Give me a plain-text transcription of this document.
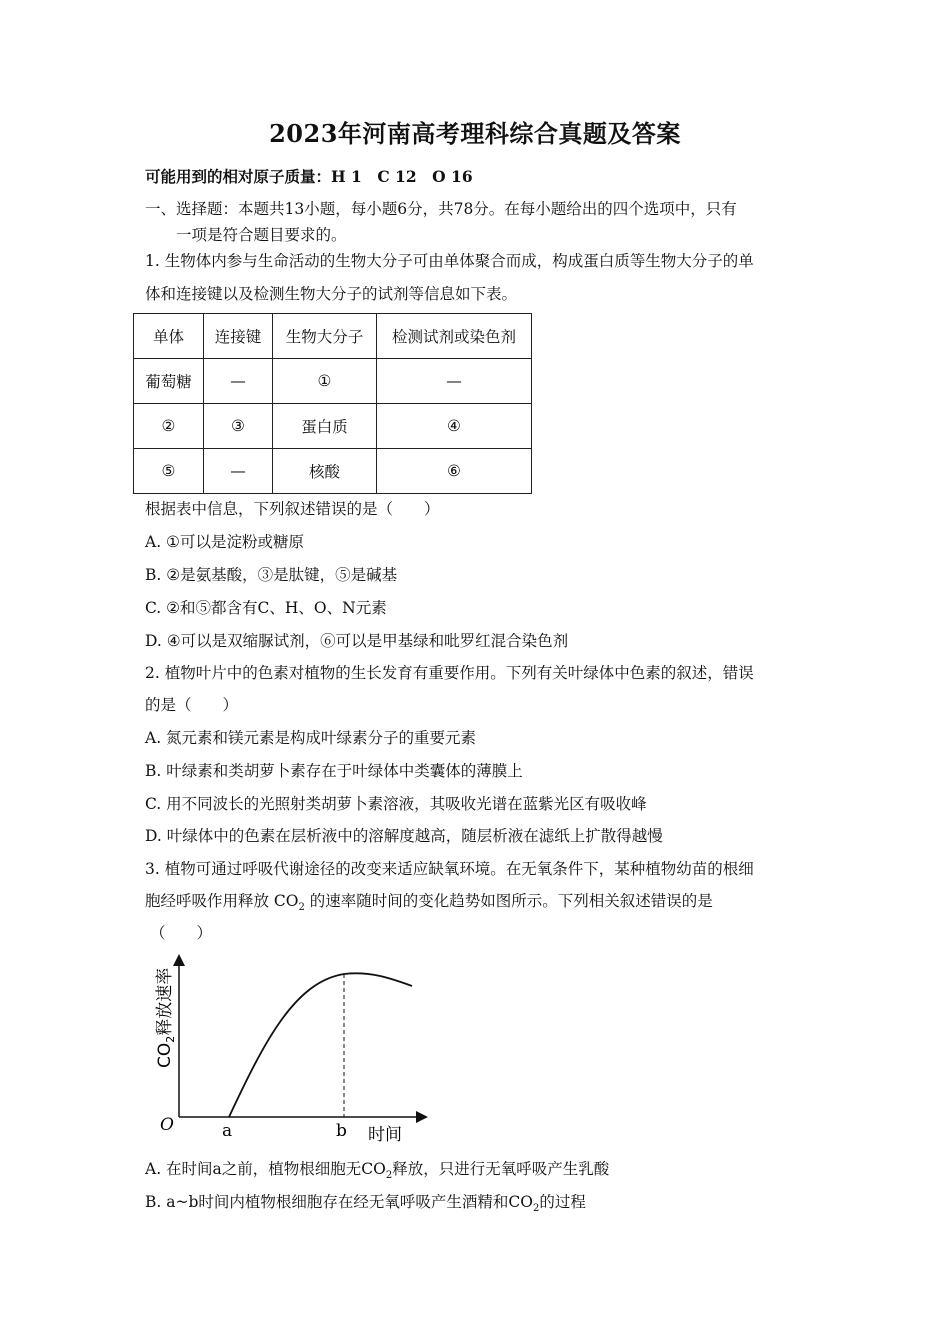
2023年河南高考理科综合真题及答案
可能用到的相对原子质量：H 1　C 12　O 16
一、选择题：本题共13小题，每小题6分，共78分。在每小题给出的四个选项中，只有
一项是符合题目要求的。
1. 生物体内参与生命活动的生物大分子可由单体聚合而成，构成蛋白质等生物大分子的单
体和连接键以及检测生物大分子的试剂等信息如下表。
单体	连接键	生物大分子	检测试剂或染色剂
葡萄糖	—	①	—
②	③	蛋白质	④
⑤	—	核酸	⑥
根据表中信息，下列叙述错误的是（　　）
A. ①可以是淀粉或糖原
B. ②是氨基酸，③是肽键，⑤是碱基
C. ②和⑤都含有C、H、O、N元素
D. ④可以是双缩脲试剂，⑥可以是甲基绿和吡罗红混合染色剂
2. 植物叶片中的色素对植物的生长发育有重要作用。下列有关叶绿体中色素的叙述，错误
的是（　　）
A. 氮元素和镁元素是构成叶绿素分子的重要元素
B. 叶绿素和类胡萝卜素存在于叶绿体中类囊体的薄膜上
C. 用不同波长的光照射类胡萝卜素溶液，其吸收光谱在蓝紫光区有吸收峰
D. 叶绿体中的色素在层析液中的溶解度越高，随层析液在滤纸上扩散得越慢
3. 植物可通过呼吸代谢途径的改变来适应缺氧环境。在无氧条件下，某种植物幼苗的根细
胞经呼吸作用释放 $CO_2$ 的速率随时间的变化趋势如图所示。下列相关叙述错误的是
（　　）
O	a	b 时间
$CO_2$释放速率
A. 在时间a之前，植物根细胞无$CO_2$释放，只进行无氧呼吸产生乳酸
B. a~b时间内植物根细胞存在经无氧呼吸产生酒精和$CO_2$的过程
